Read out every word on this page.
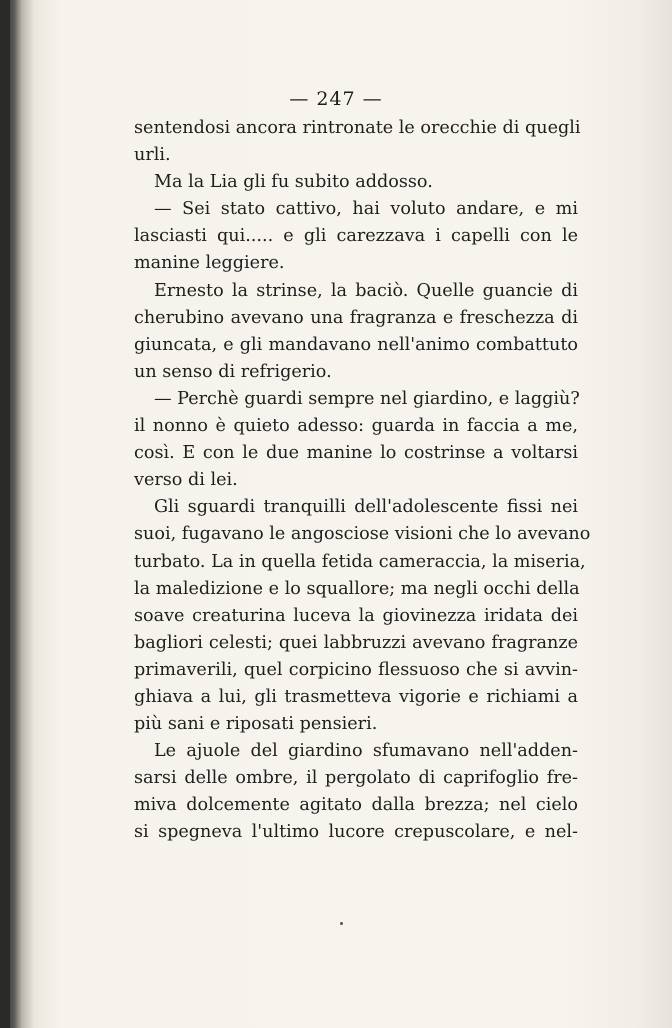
— 247 —
sentendosi ancora rintronate le orecchie di quegli
urli.
Ma la Lia gli fu subito addosso.
— Sei stato cattivo, hai voluto andare, e mi
lasciasti qui..... e gli carezzava i capelli con le
manine leggiere.
Ernesto la strinse, la baciò. Quelle guancie di
cherubino avevano una fragranza e freschezza di
giuncata, e gli mandavano nell'animo combattuto
un senso di refrigerio.
— Perchè guardi sempre nel giardino, e laggiù?
il nonno è quieto adesso: guarda in faccia a me,
così. E con le due manine lo costrinse a voltarsi
verso di lei.
Gli sguardi tranquilli dell'adolescente fissi nei
suoi, fugavano le angosciose visioni che lo avevano
turbato. La in quella fetida cameraccia, la miseria,
la maledizione e lo squallore; ma negli occhi della
soave creaturina luceva la giovinezza iridata dei
bagliori celesti; quei labbruzzi avevano fragranze
primaverili, quel corpicino flessuoso che si avvin-
ghiava a lui, gli trasmetteva vigorie e richiami a
più sani e riposati pensieri.
Le ajuole del giardino sfumavano nell'adden-
sarsi delle ombre, il pergolato di caprifoglio fre-
miva dolcemente agitato dalla brezza; nel cielo
si spegneva l'ultimo lucore crepuscolare, e nel-
